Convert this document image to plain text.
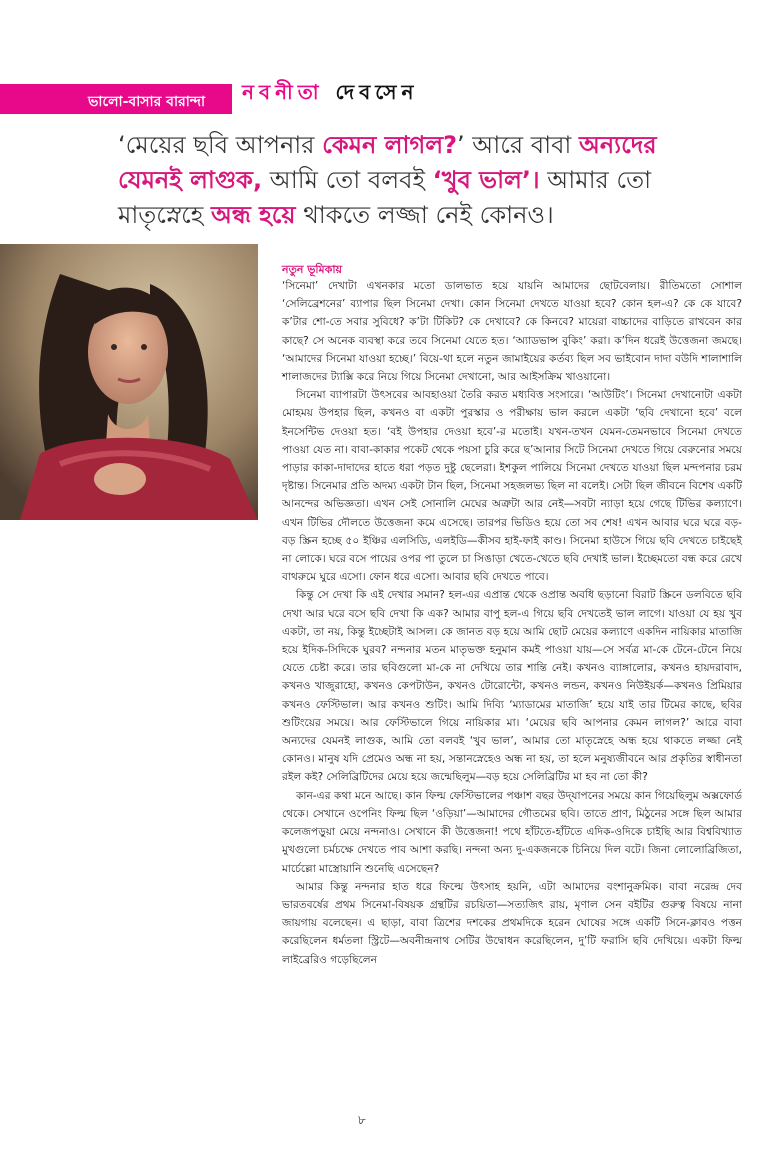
ভালো-বাসার বারান্দা নবনীতা দেবসেন
‘মেয়ের ছবি আপনার কেমন লাগল?’ আরে বাবা অন্যদের যেমনই লাগুক, আমি তো বলবই ‘খুব ভাল’। আমার তো মাতৃস্নেহে অন্ধ হয়ে থাকতে লজ্জা নেই কোনও।
নতুন ভূমিকায়

‘সিনেমা’ দেখাটা এখনকার মতো ডালভাত হয়ে যায়নি আমাদের ছোটবেলায়। রীতিমতো সোশাল ‘সেলিব্রেশনের’ ব্যাপার ছিল সিনেমা দেখা। কোন সিনেমা দেখতে যাওয়া হবে? কোন হল-এ? কে কে যাবে? ক’টার শো-তে সবার সুবিধে? ক’টা টিকিট? কে দেখাবে? কে কিনবে? মায়েরা বাচ্চাদের বাড়িতে রাখবেন কার কাছে? সে অনেক ব্যবস্থা করে তবে সিনেমা যেতে হত। ‘অ্যাডভান্স বুকিং’ করা। ক’দিন ধরেই উত্তেজনা জমছে। ‘আমাদের সিনেমা যাওয়া হচ্ছে।’ বিয়ে-থা হলে নতুন জামাইয়ের কর্তব্য ছিল সব ভাইবোন দাদা বউদি শালাশালি শালাজদের ট্যাক্সি করে নিয়ে গিয়ে সিনেমা দেখানো, আর আইসক্রিম খাওয়ানো।

সিনেমা ব্যাপারটা উৎসবের আবহাওয়া তৈরি করত মধ্যবিত্ত সংসারে। ‘আউটিং’। সিনেমা দেখানোটা একটা মোহময় উপহার ছিল, কখনও বা একটা পুরস্কার ও পরীক্ষায় ভাল করলে একটা ‘ছবি দেখানো হবে’ বলে ইনসেন্টিভ দেওয়া হত। ‘বই উপহার দেওয়া হবে’-র মতোই। যখন-তখন যেমন-তেমনভাবে সিনেমা দেখতে পাওয়া যেত না। বাবা-কাকার পকেট থেকে পয়সা চুরি করে ছ’আনার সিটে সিনেমা দেখতে গিয়ে বেরুনোর সময়ে পাড়ার কাকা-দাদাদের হাতে ধরা পড়ত দুষ্টু ছেলেরা। ইশকুল পালিয়ে সিনেমা দেখতে যাওয়া ছিল মন্দপনার চরম দৃষ্টান্ত। সিনেমার প্রতি অদম্য একটা টান ছিল, সিনেমা সহজলভ্য ছিল না বলেই। সেটা ছিল জীবনে বিশেষ একটি আনন্দের অভিজ্ঞতা। এখন সেই সোনালি মেঘের অত্রুটা আর নেই—সবটা ন্যাড়া হয়ে গেছে টিভির কল্যাণে। এখন টিভির দৌলতে উত্তেজনা কমে এসেছে। তারপর ভিডিও হয়ে তো সব শেষ! এখন আবার ঘরে ঘরে বড়-বড় স্ক্রিন হচ্ছে ৫০ ইঞ্চির এলসিডি, এলইডি—কীসব হাই-ফাই কাণ্ড। সিনেমা হাউসে গিয়ে ছবি দেখতে চাইছেই না লোকে। ঘরে বসে পায়ের ওপর পা তুলে চা সিঙাড়া খেতে-খেতে ছবি দেখাই ভাল। ইচ্ছেমতো বন্ধ করে রেখে বাথরুমে ঘুরে এসো। ফোন ধরে এসো। আবার ছবি দেখতে পাবে।

কিন্তু সে দেখা কি এই দেখার সমান? হল-এর এপ্রান্ত থেকে ওপ্রান্ত অবধি ছড়ানো বিরাট স্ক্রিনে ডলবিতে ছবি দেখা আর ঘরে বসে ছবি দেখা কি এক? আমার বাপু হল-এ গিয়ে ছবি দেখতেই ভাল লাগে। যাওয়া যে হয় খুব একটা, তা নয়, কিন্তু ইচ্ছেটাই আসল। কে জানত বড় হয়ে আমি ছোট মেয়ের কল্যাণে একদিন নায়িকার মাতাজি হয়ে ইদিক-সিদিকে ঘুরব? নন্দনার মতন মাতৃভক্ত হনুমান কমই পাওয়া যায়—সে সর্বত্র মা-কে টেনে-টেনে নিয়ে যেতে চেষ্টা করে। তার ছবিগুলো মা-কে না দেখিয়ে তার শান্তি নেই। কখনও ব্যাঙ্গালোর, কখনও হায়দরাবাদ, কখনও খাজুরাহো, কখনও কেপটাউন, কখনও টোরোন্টো, কখনও লন্ডন, কখনও নিউইয়র্ক—কখনও প্রিমিয়ার কখনও ফেস্টিভাল। আর কখনও শুটিং। আমি দিব্যি ‘ম্যাডামের মাতাজি’ হয়ে যাই তার টিমের কাছে, ছবির শুটিংয়ের সময়ে। আর ফেস্টিভালে গিয়ে নায়িকার মা। ‘মেয়ের ছবি আপনার কেমন লাগল?’ আরে বাবা অন্যদের যেমনই লাগুক, আমি তো বলবই ‘খুব ভাল’, আমার তো মাতৃস্নেহে অন্ধ হয়ে থাকতে লজ্জা নেই কোনও। মানুষ যদি প্রেমেও অন্ধ না হয়, সন্তানস্নেহেও অন্ধ না হয়, তা হলে মনুষ্যজীবনে আর প্রকৃতির স্বাধীনতা রইল কই? সেলিব্রিটিদের মেয়ে হয়ে জন্মেছিলুম—বড় হয়ে সেলিব্রিটির মা হব না তো কী?

কান-এর কথা মনে আছে। কান ফিল্ম ফেস্টিভালের পঞ্চাশ বছর উদ্‌যাপনের সময়ে কান গিয়েছিলুম অক্সফোর্ড থেকে। সেখানে ওপেনিং ফিল্ম ছিল ‘ওড়িয়া’—আমাদের গৌতমের ছবি। তাতে প্রাণ, মিঠুনের সঙ্গে ছিল আমার কলেজপড়ুয়া মেয়ে নন্দনাও। সেখানে কী উত্তেজনা! পথে হাঁটতে-হাঁটতে এদিক-ওদিকে চাইছি আর বিশ্ববিখ্যাত মুখগুলো চর্মচক্ষে দেখতে পাব আশা করছি। নন্দনা অন্য দু-একজনকে চিনিয়ে দিল বটে। জিনা লোলোব্রিজিতা, মার্চেল্লো মাস্ত্রোয়ানি শুনেছি এসেছেন?

আমার কিন্তু নন্দনার হাত ধরে ফিল্মে উৎসাহ হয়নি, এটা আমাদের বংশানুক্রমিক। বাবা নরেন্দ্র দেব ভারতবর্ষের প্রথম সিনেমা-বিষয়ক গ্রন্থটির রচয়িতা—সত্যজিৎ রায়, মৃণাল সেন বইটির গুরুত্ব বিষয়ে নানা জায়গায় বলেছেন। এ ছাড়া, বাবা ত্রিশের দশকের প্রথমদিকে হরেন ঘোষের সঙ্গে একটি সিনে-ক্লাবও পত্তন করেছিলেন ধর্মতলা স্ট্রিটে—অবনীন্দ্রনাথ সেটির উদ্বোধন করেছিলেন, দু’টি ফরাসি ছবি দেখিয়ে। একটা ফিল্ম লাইব্রেরিও গড়েছিলেন

৮
